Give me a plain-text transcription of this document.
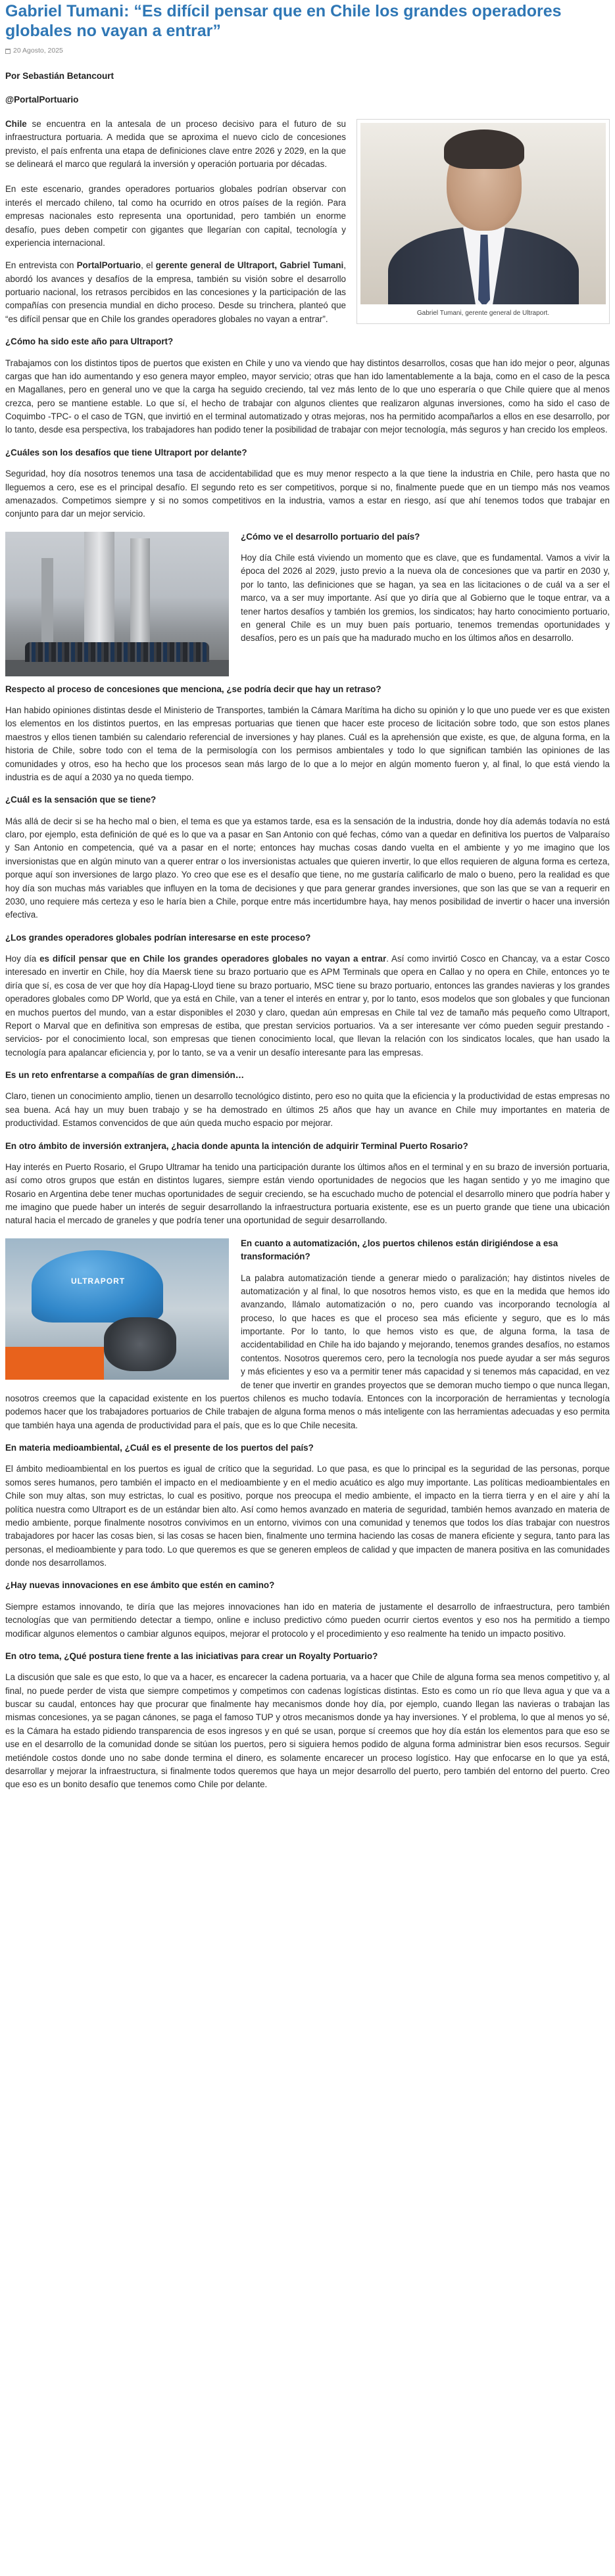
Gabriel Tumani: “Es difícil pensar que en Chile los grandes operadores globales no vayan a entrar”
20 Agosto, 2025
Por Sebastián Betancourt
@PortalPortuario
Gabriel Tumani, gerente general de Ultraport.

Chile se encuentra en la antesala de un proceso decisivo para el futuro de su infraestructura portuaria. A medida que se aproxima el nuevo ciclo de concesiones previsto, el país enfrenta una etapa de definiciones clave entre 2026 y 2029, en la que se delineará el marco que regulará la inversión y operación portuaria por décadas.

En este escenario, grandes operadores portuarios globales podrían observar con interés el mercado chileno, tal como ha ocurrido en otros países de la región. Para empresas nacionales esto representa una oportunidad, pero también un enorme desafío, pues deben competir con gigantes que llegarían con capital, tecnología y experiencia internacional.

En entrevista con PortalPortuario, el gerente general de Ultraport, Gabriel Tumani, abordó los avances y desafíos de la empresa, también su visión sobre el desarrollo portuario nacional, los retrasos percibidos en las concesiones y la participación de las compañías con presencia mundial en dicho proceso. Desde su trinchera, planteó que “es difícil pensar que en Chile los grandes operadores globales no vayan a entrar”.

¿Cómo ha sido este año para Ultraport?

Trabajamos con los distintos tipos de puertos que existen en Chile y uno va viendo que hay distintos desarrollos, cosas que han ido mejor o peor, algunas cargas que han ido aumentando y eso genera mayor empleo, mayor servicio; otras que han ido lamentablemente a la baja, como en el caso de la pesca en Magallanes, pero en general uno ve que la carga ha seguido creciendo, tal vez más lento de lo que uno esperaría o que Chile quiere que al menos crezca, pero se mantiene estable. Lo que sí, el hecho de trabajar con algunos clientes que realizaron algunas inversiones, como ha sido el caso de Coquimbo -TPC- o el caso de TGN, que invirtió en el terminal automatizado y otras mejoras, nos ha permitido acompañarlos a ellos en ese desarrollo, por lo tanto, desde esa perspectiva, los trabajadores han podido tener la posibilidad de trabajar con mejor tecnología, más seguros y han crecido los empleos.

¿Cuáles son los desafíos que tiene Ultraport por delante?

Seguridad, hoy día nosotros tenemos una tasa de accidentabilidad que es muy menor respecto a la que tiene la industria en Chile, pero hasta que no lleguemos a cero, ese es el principal desafío. El segundo reto es ser competitivos, porque si no, finalmente puede que en un tiempo más nos veamos amenazados. Competimos siempre y si no somos competitivos en la industria, vamos a estar en riesgo, así que ahí tenemos todos que trabajar en conjunto para dar un mejor servicio.

¿Cómo ve el desarrollo portuario del país?

Hoy día Chile está viviendo un momento que es clave, que es fundamental. Vamos a vivir la época del 2026 al 2029, justo previo a la nueva ola de concesiones que va partir en 2030 y, por lo tanto, las definiciones que se hagan, ya sea en las licitaciones o de cuál va a ser el marco, va a ser muy importante. Así que yo diría que al Gobierno que le toque entrar, va a tener hartos desafíos y también los gremios, los sindicatos; hay harto conocimiento portuario, en general Chile es un muy buen país portuario, tenemos tremendas oportunidades y desafíos, pero es un país que ha madurado mucho en los últimos años en desarrollo.

Respecto al proceso de concesiones que menciona, ¿se podría decir que hay un retraso?

Han habido opiniones distintas desde el Ministerio de Transportes, también la Cámara Marítima ha dicho su opinión y lo que uno puede ver es que existen los elementos en los distintos puertos, en las empresas portuarias que tienen que hacer este proceso de licitación sobre todo, que son estos planes maestros y ellos tienen también su calendario referencial de inversiones y hay planes. Cuál es la aprehensión que existe, es que, de alguna forma, en la historia de Chile, sobre todo con el tema de la permisología con los permisos ambientales y todo lo que significan también las opiniones de las comunidades y otros, eso ha hecho que los procesos sean más largo de lo que a lo mejor en algún momento fueron y, al final, lo que está viendo la industria es de aquí a 2030 ya no queda tiempo.

¿Cuál es la sensación que se tiene?

Más allá de decir si se ha hecho mal o bien, el tema es que ya estamos tarde, esa es la sensación de la industria, donde hoy día además todavía no está claro, por ejemplo, esta definición de qué es lo que va a pasar en San Antonio con qué fechas, cómo van a quedar en definitiva los puertos de Valparaíso y San Antonio en competencia, qué va a pasar en el norte; entonces hay muchas cosas dando vuelta en el ambiente y yo me imagino que los inversionistas que en algún minuto van a querer entrar o los inversionistas actuales que quieren invertir, lo que ellos requieren de alguna forma es certeza, porque aquí son inversiones de largo plazo. Yo creo que ese es el desafío que tiene, no me gustaría calificarlo de malo o bueno, pero la realidad es que hoy día son muchas más variables que influyen en la toma de decisiones y que para generar grandes inversiones, que son las que se van a requerir en 2030, uno requiere más certeza y eso le haría bien a Chile, porque entre más incertidumbre haya, hay menos posibilidad de invertir o hacer una inversión efectiva.

¿Los grandes operadores globales podrían interesarse en este proceso?

Hoy día es difícil pensar que en Chile los grandes operadores globales no vayan a entrar. Así como invirtió Cosco en Chancay, va a estar Cosco interesado en invertir en Chile, hoy día Maersk tiene su brazo portuario que es APM Terminals que opera en Callao y no opera en Chile, entonces yo te diría que sí, es cosa de ver que hoy día Hapag-Lloyd tiene su brazo portuario, MSC tiene su brazo portuario, entonces las grandes navieras y los grandes operadores globales como DP World, que ya está en Chile, van a tener el interés en entrar y, por lo tanto, esos modelos que son globales y que funcionan en muchos puertos del mundo, van a estar disponibles el 2030 y claro, quedan aún empresas en Chile tal vez de tamaño más pequeño como Ultraport, Report o Marval que en definitiva son empresas de estiba, que prestan servicios portuarios. Va a ser interesante ver cómo pueden seguir prestando -servicios- por el conocimiento local, son empresas que tienen conocimiento local, que llevan la relación con los sindicatos locales, que han usado la tecnología para apalancar eficiencia y, por lo tanto, se va a venir un desafío interesante para las empresas.

Es un reto enfrentarse a compañías de gran dimensión…

Claro, tienen un conocimiento amplio, tienen un desarrollo tecnológico distinto, pero eso no quita que la eficiencia y la productividad de estas empresas no sea buena. Acá hay un muy buen trabajo y se ha demostrado en últimos 25 años que hay un avance en Chile muy importantes en materia de productividad. Estamos convencidos de que aún queda mucho espacio por mejorar.

En otro ámbito de inversión extranjera, ¿hacia donde apunta la intención de adquirir Terminal Puerto Rosario?

Hay interés en Puerto Rosario, el Grupo Ultramar ha tenido una participación durante los últimos años en el terminal y en su brazo de inversión portuaria, así como otros grupos que están en distintos lugares, siempre están viendo oportunidades de negocios que les hagan sentido y yo me imagino que Rosario en Argentina debe tener muchas oportunidades de seguir creciendo, se ha escuchado mucho de potencial el desarrollo minero que podría haber y me imagino que puede haber un interés de seguir desarrollando la infraestructura portuaria existente, ese es un puerto grande que tiene una ubicación natural hacia el mercado de graneles y que podría tener una oportunidad de seguir desarrollando.

ULTRAPORT
En cuanto a automatización, ¿los puertos chilenos están dirigiéndose a esa transformación?

La palabra automatización tiende a generar miedo o paralización; hay distintos niveles de automatización y al final, lo que nosotros hemos visto, es que en la medida que hemos ido avanzando, llámalo automatización o no, pero cuando vas incorporando tecnología al proceso, lo que haces es que el proceso sea más eficiente y seguro, que es lo más importante. Por lo tanto, lo que hemos visto es que, de alguna forma, la tasa de accidentabilidad en Chile ha ido bajando y mejorando, tenemos grandes desafíos, no estamos contentos. Nosotros queremos cero, pero la tecnología nos puede ayudar a ser más seguros y más eficientes y eso va a permitir tener más capacidad y si tenemos más capacidad, en vez de tener que invertir en grandes proyectos que se demoran mucho tiempo o que nunca llegan, nosotros creemos que la capacidad existente en los puertos chilenos es mucho todavía. Entonces con la incorporación de herramientas y tecnología podemos hacer que los trabajadores portuarios de Chile trabajen de alguna forma menos o más inteligente con las herramientas adecuadas y eso permita que también haya una agenda de productividad para el país, que es lo que Chile necesita.

En materia medioambiental, ¿Cuál es el presente de los puertos del país?

El ámbito medioambiental en los puertos es igual de crítico que la seguridad. Lo que pasa, es que lo principal es la seguridad de las personas, porque somos seres humanos, pero también el impacto en el medioambiente y en el medio acuático es algo muy importante. Las políticas medioambientales en Chile son muy altas, son muy estrictas, lo cual es positivo, porque nos preocupa el medio ambiente, el impacto en la tierra tierra y en el aire y ahí la política nuestra como Ultraport es de un estándar bien alto. Así como hemos avanzado en materia de seguridad, también hemos avanzado en materia de medio ambiente, porque finalmente nosotros convivimos en un entorno, vivimos con una comunidad y tenemos que todos los días trabajar con nuestros trabajadores por hacer las cosas bien, si las cosas se hacen bien, finalmente uno termina haciendo las cosas de manera eficiente y segura, tanto para las personas, el medioambiente y para todo. Lo que queremos es que se generen empleos de calidad y que impacten de manera positiva en las comunidades donde nos desarrollamos.

¿Hay nuevas innovaciones en ese ámbito que estén en camino?

Siempre estamos innovando, te diría que las mejores innovaciones han ido en materia de justamente el desarrollo de infraestructura, pero también tecnologías que van permitiendo detectar a tiempo, online e incluso predictivo cómo pueden ocurrir ciertos eventos y eso nos ha permitido a tiempo modificar algunos elementos o cambiar algunos equipos, mejorar el protocolo y el procedimiento y eso realmente ha tenido un impacto positivo.

En otro tema, ¿Qué postura tiene frente a las iniciativas para crear un Royalty Portuario?

La discusión que sale es que esto, lo que va a hacer, es encarecer la cadena portuaria, va a hacer que Chile de alguna forma sea menos competitivo y, al final, no puede perder de vista que siempre competimos y competimos con cadenas logísticas distintas. Esto es como un río que lleva agua y que va a buscar su caudal, entonces hay que procurar que finalmente hay mecanismos donde hoy día, por ejemplo, cuando llegan las navieras o trabajan las mismas concesiones, ya se pagan cánones, se paga el famoso TUP y otros mecanismos donde ya hay inversiones. Y el problema, lo que al menos yo sé, es la Cámara ha estado pidiendo transparencia de esos ingresos y en qué se usan, porque sí creemos que hoy día están los elementos para que eso se use en el desarrollo de la comunidad donde se sitúan los puertos, pero si siguiera hemos podido de alguna forma administrar bien esos recursos. Seguir metiéndole costos donde uno no sabe donde termina el dinero, es solamente encarecer un proceso logístico. Hay que enfocarse en lo que ya está, desarrollar y mejorar la infraestructura, si finalmente todos queremos que haya un mejor desarrollo del puerto, pero también del entorno del puerto. Creo que eso es un bonito desafío que tenemos como Chile por delante.
